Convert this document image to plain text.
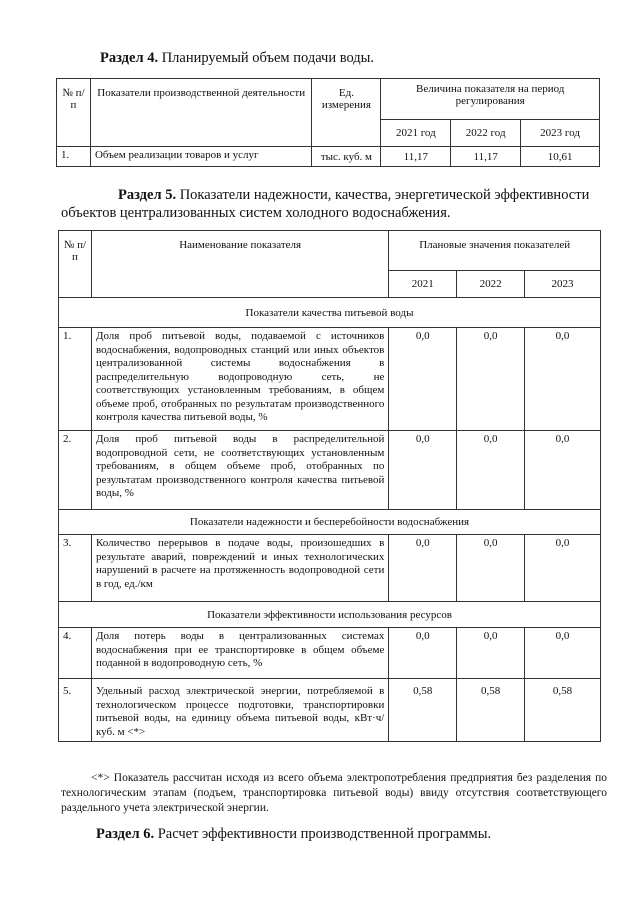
Раздел 4. Планируемый объем подачи воды.
№ п/п	Показатели производственной деятельности	Ед. измерения	Величина показателя на период регулирования		
			2021 год	2022 год	2023 год
1.	Объем реализации товаров и услуг	тыс. куб. м	11,17	11,17	10,61
Раздел 5. Показатели надежности, качества, энергетической эффективности объектов централизованных систем холодного водоснабжения.
№ п/п	Наименование показателя	Плановые значения показателей		
		2021	2022	2023
Показатели качества питьевой воды				
1.	Доля проб питьевой воды, подаваемой с источников водоснабжения, водопроводных станций или иных объектов централизованной системы водоснабжения в распределительную водопроводную сеть, не соответствующих установленным требованиям, в общем объеме проб, отобранных по результатам производственного контроля качества питьевой воды, %	0,0	0,0	0,0
2.	Доля проб питьевой воды в распределительной водопроводной сети, не соответствующих установленным требованиям, в общем объеме проб, отобранных по результатам производственного контроля качества питьевой воды, %	0,0	0,0	0,0
Показатели надежности и бесперебойности водоснабжения				
3.	Количество перерывов в подаче воды, произошедших в результате аварий, повреждений и иных технологических нарушений в расчете на протяженность водопроводной сети в год, ед./км	0,0	0,0	0,0
Показатели эффективности использования ресурсов				
4.	Доля потерь воды в централизованных системах водоснабжения при ее транспортировке в общем объеме поданной в водопроводную сеть, %	0,0	0,0	0,0
5.	Удельный расход электрической энергии, потребляемой в технологическом процессе подготовки, транспортировки питьевой воды, на единицу объема питьевой воды, кВт·ч/куб. м <*>	0,58	0,58	0,58
<*> Показатель рассчитан исходя из всего объема электропотребления предприятия без разделения по технологическим этапам (подъем, транспортировка питьевой воды) ввиду отсутствия соответствующего раздельного учета электрической энергии.
Раздел 6. Расчет эффективности производственной программы.
